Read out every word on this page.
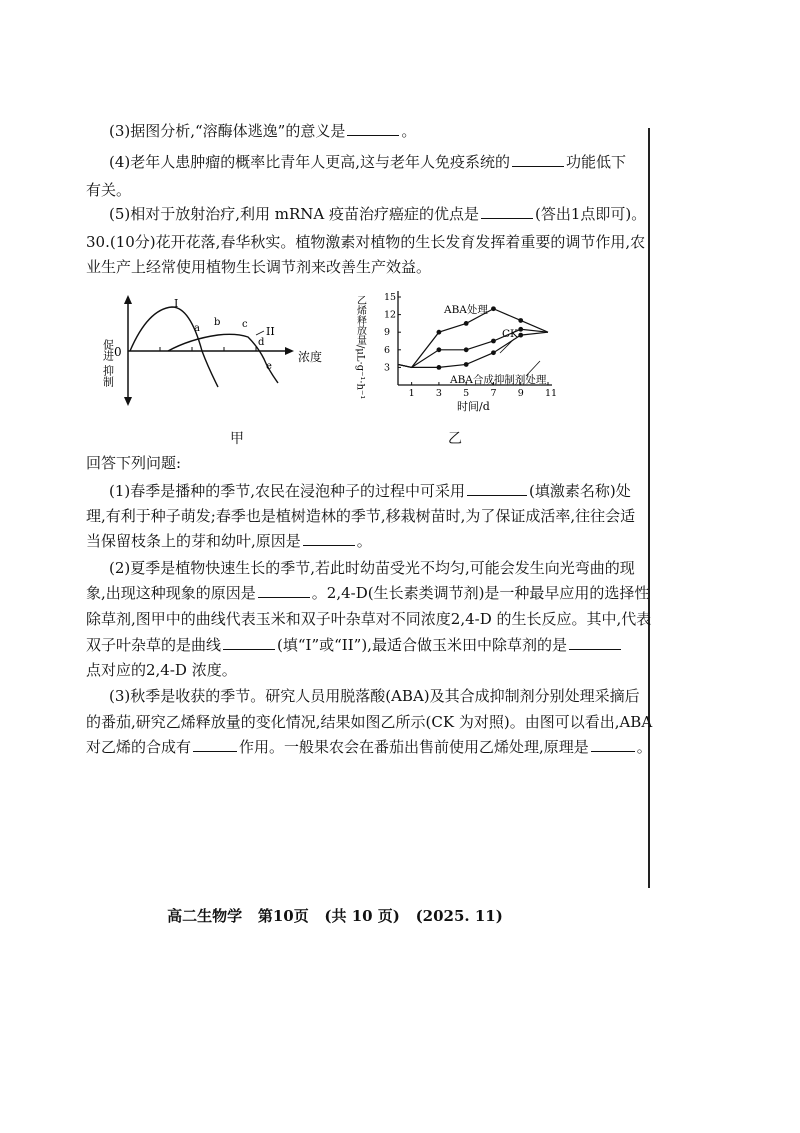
(3)据图分析,“溶酶体逃逸”的意义是	。
(4)老年人患肿瘤的概率比青年人更高,这与老年人免疫系统的	功能低下
有关。
(5)相对于放射治疗,利用 mRNA 疫苗治疗癌症的优点是	(答出1点即可)。
30.(10分)花开花落,春华秋实。植物激素对植物的生长发育发挥着重要的调节作用,农
业生产上经常使用植物生长调节剂来改善生产效益。
促进 0
抑制
浓度
I
II
a
b c
d
e
甲
乙烯释放量/μL·g⁻¹·h⁻¹	1 3 5 7 9 11
3
6
9
12
15
ABA处理
CK
ABA合成抑制剂处理
时间/d
乙
回答下列问题:
(1)春季是播种的季节,农民在浸泡种子的过程中可采用	(填激素名称)处
理,有利于种子萌发;春季也是植树造林的季节,移栽树苗时,为了保证成活率,往往会适
当保留枝条上的芽和幼叶,原因是	。
(2)夏季是植物快速生长的季节,若此时幼苗受光不均匀,可能会发生向光弯曲的现
象,出现这种现象的原因是	。2,4-D(生长素类调节剂)是一种最早应用的选择性
除草剂,图甲中的曲线代表玉米和双子叶杂草对不同浓度2,4-D 的生长反应。其中,代表
双子叶杂草的是曲线	(填“I”或“II”),最适合做玉米田中除草剂的是
点对应的2,4-D 浓度。
(3)秋季是收获的季节。研究人员用脱落酸(ABA)及其合成抑制剂分别处理采摘后
的番茄,研究乙烯释放量的变化情况,结果如图乙所示(CK 为对照)。由图可以看出,ABA
对乙烯的合成有	作用。一般果农会在番茄出售前使用乙烯处理,原理是	。
高二生物学 第10页 (共 10 页) (2025. 11)
